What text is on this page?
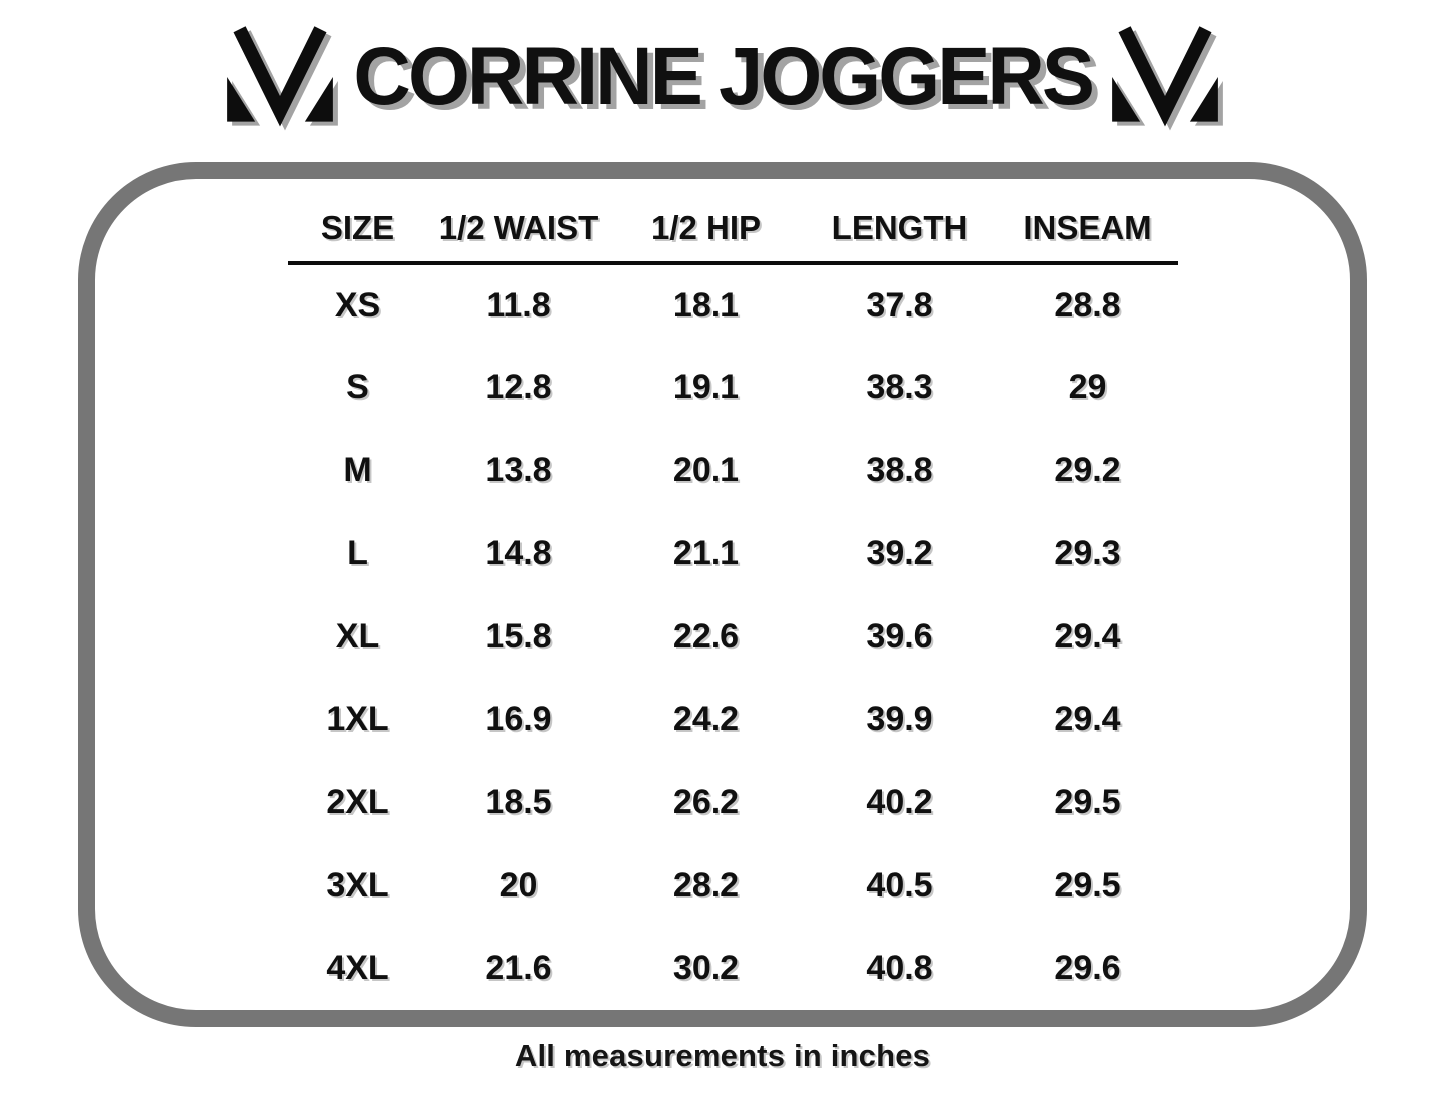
CORRINE JOGGERS
SIZE	1/2 WAIST	1/2 HIP	LENGTH	INSEAM
XS	11.8	18.1	37.8	28.8
S	12.8	19.1	38.3	29
M	13.8	20.1	38.8	29.2
L	14.8	21.1	39.2	29.3
XL	15.8	22.6	39.6	29.4
1XL	16.9	24.2	39.9	29.4
2XL	18.5	26.2	40.2	29.5
3XL	20	28.2	40.5	29.5
4XL	21.6	30.2	40.8	29.6

All measurements in inches
